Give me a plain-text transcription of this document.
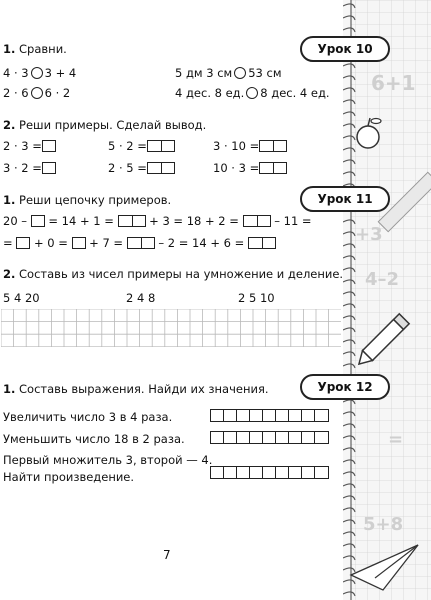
Урок 10
1. Сравни.
4 · 3 3 + 4	5 дм 3 см 53 см
2 · 6 6 · 2	4 дес. 8 ед. 8 дес. 4 ед.
2. Реши примеры. Сделай вывод.
2 · 3 =	5 · 2 =	3 · 10 =
3 · 2 =	2 · 5 =	10 · 3 =
Урок 11
1. Реши цепочку примеров.
20 – = 14 + 1 =	+ 3 = 18 + 2 =	– 11 =
= + 0 = + 7 =	– 2 = 14 + 6 =
2. Составь из чисел примеры на умножение и деление.
5 4 20	2 4 8	2 5 10
Урок 12
1. Составь выражения. Найди их значения.
Увеличить число 3 в 4 раза.
Уменьшить число 18 в 2 раза.
Первый множитель 3, второй — 4.
Найти произведение.
7
6+1
+3
4–2
=
5+8
